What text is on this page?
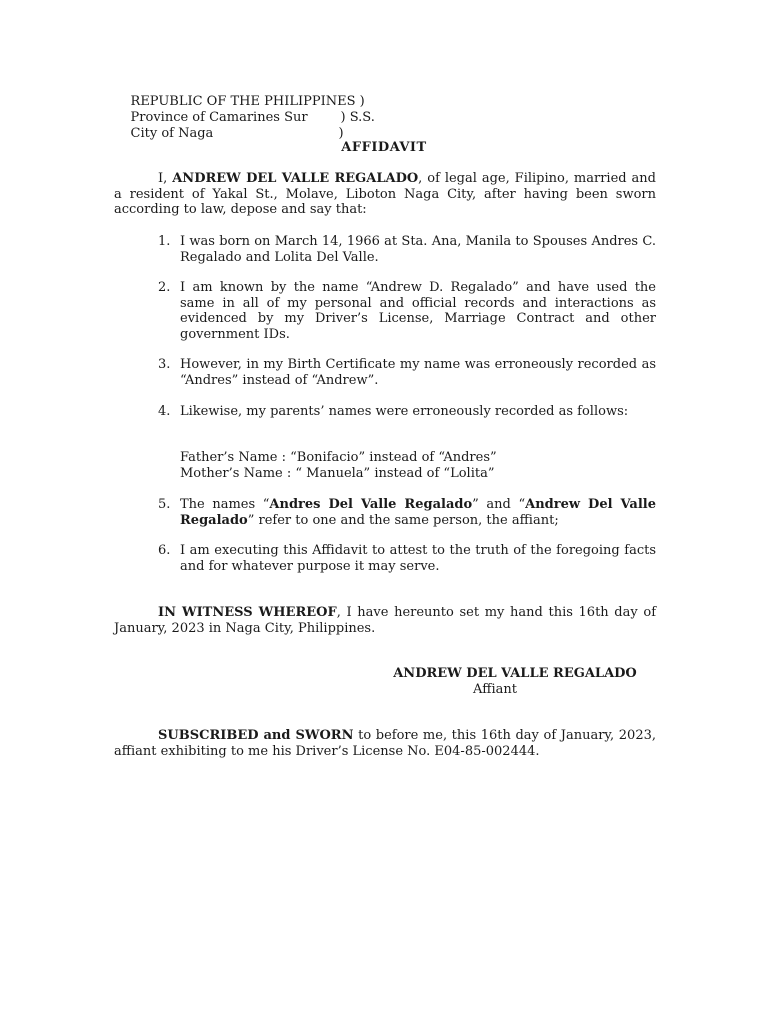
REPUBLIC OF THE PHILIPPINES )

Province of Camarines Sur	) S.S.

City of Naga	)

AFFIDAVIT
I, ANDREW DEL VALLE REGALADO, of legal age, Filipino, married and a resident of Yakal St., Molave, Liboton Naga City, after having been sworn according to law, depose and say that:
1. I was born on March 14, 1966 at Sta. Ana, Manila to Spouses Andres C. Regalado and Lolita Del Valle.
2. I am known by the name “Andrew D. Regalado” and have used the same in all of my personal and official records and interactions as evidenced by my Driver’s License, Marriage Contract and other government IDs.
3. However, in my Birth Certificate my name was erroneously recorded as “Andres” instead of “Andrew”.
4. Likewise, my parents’ names were erroneously recorded as follows:
Father’s Name : “Bonifacio” instead of “Andres”
Mother’s Name : “ Manuela” instead of “Lolita”
5. The names “Andres Del Valle Regalado” and “Andrew Del Valle Regalado” refer to one and the same person, the affiant;
6. I am executing this Affidavit to attest to the truth of the foregoing facts and for whatever purpose it may serve.
IN WITNESS WHEREOF, I have hereunto set my hand this 16th day of January, 2023 in Naga City, Philippines.
ANDREW DEL VALLE REGALADO
Affiant
SUBSCRIBED and SWORN to before me, this 16th day of January, 2023, affiant exhibiting to me his Driver’s License No. E04-85-002444.
